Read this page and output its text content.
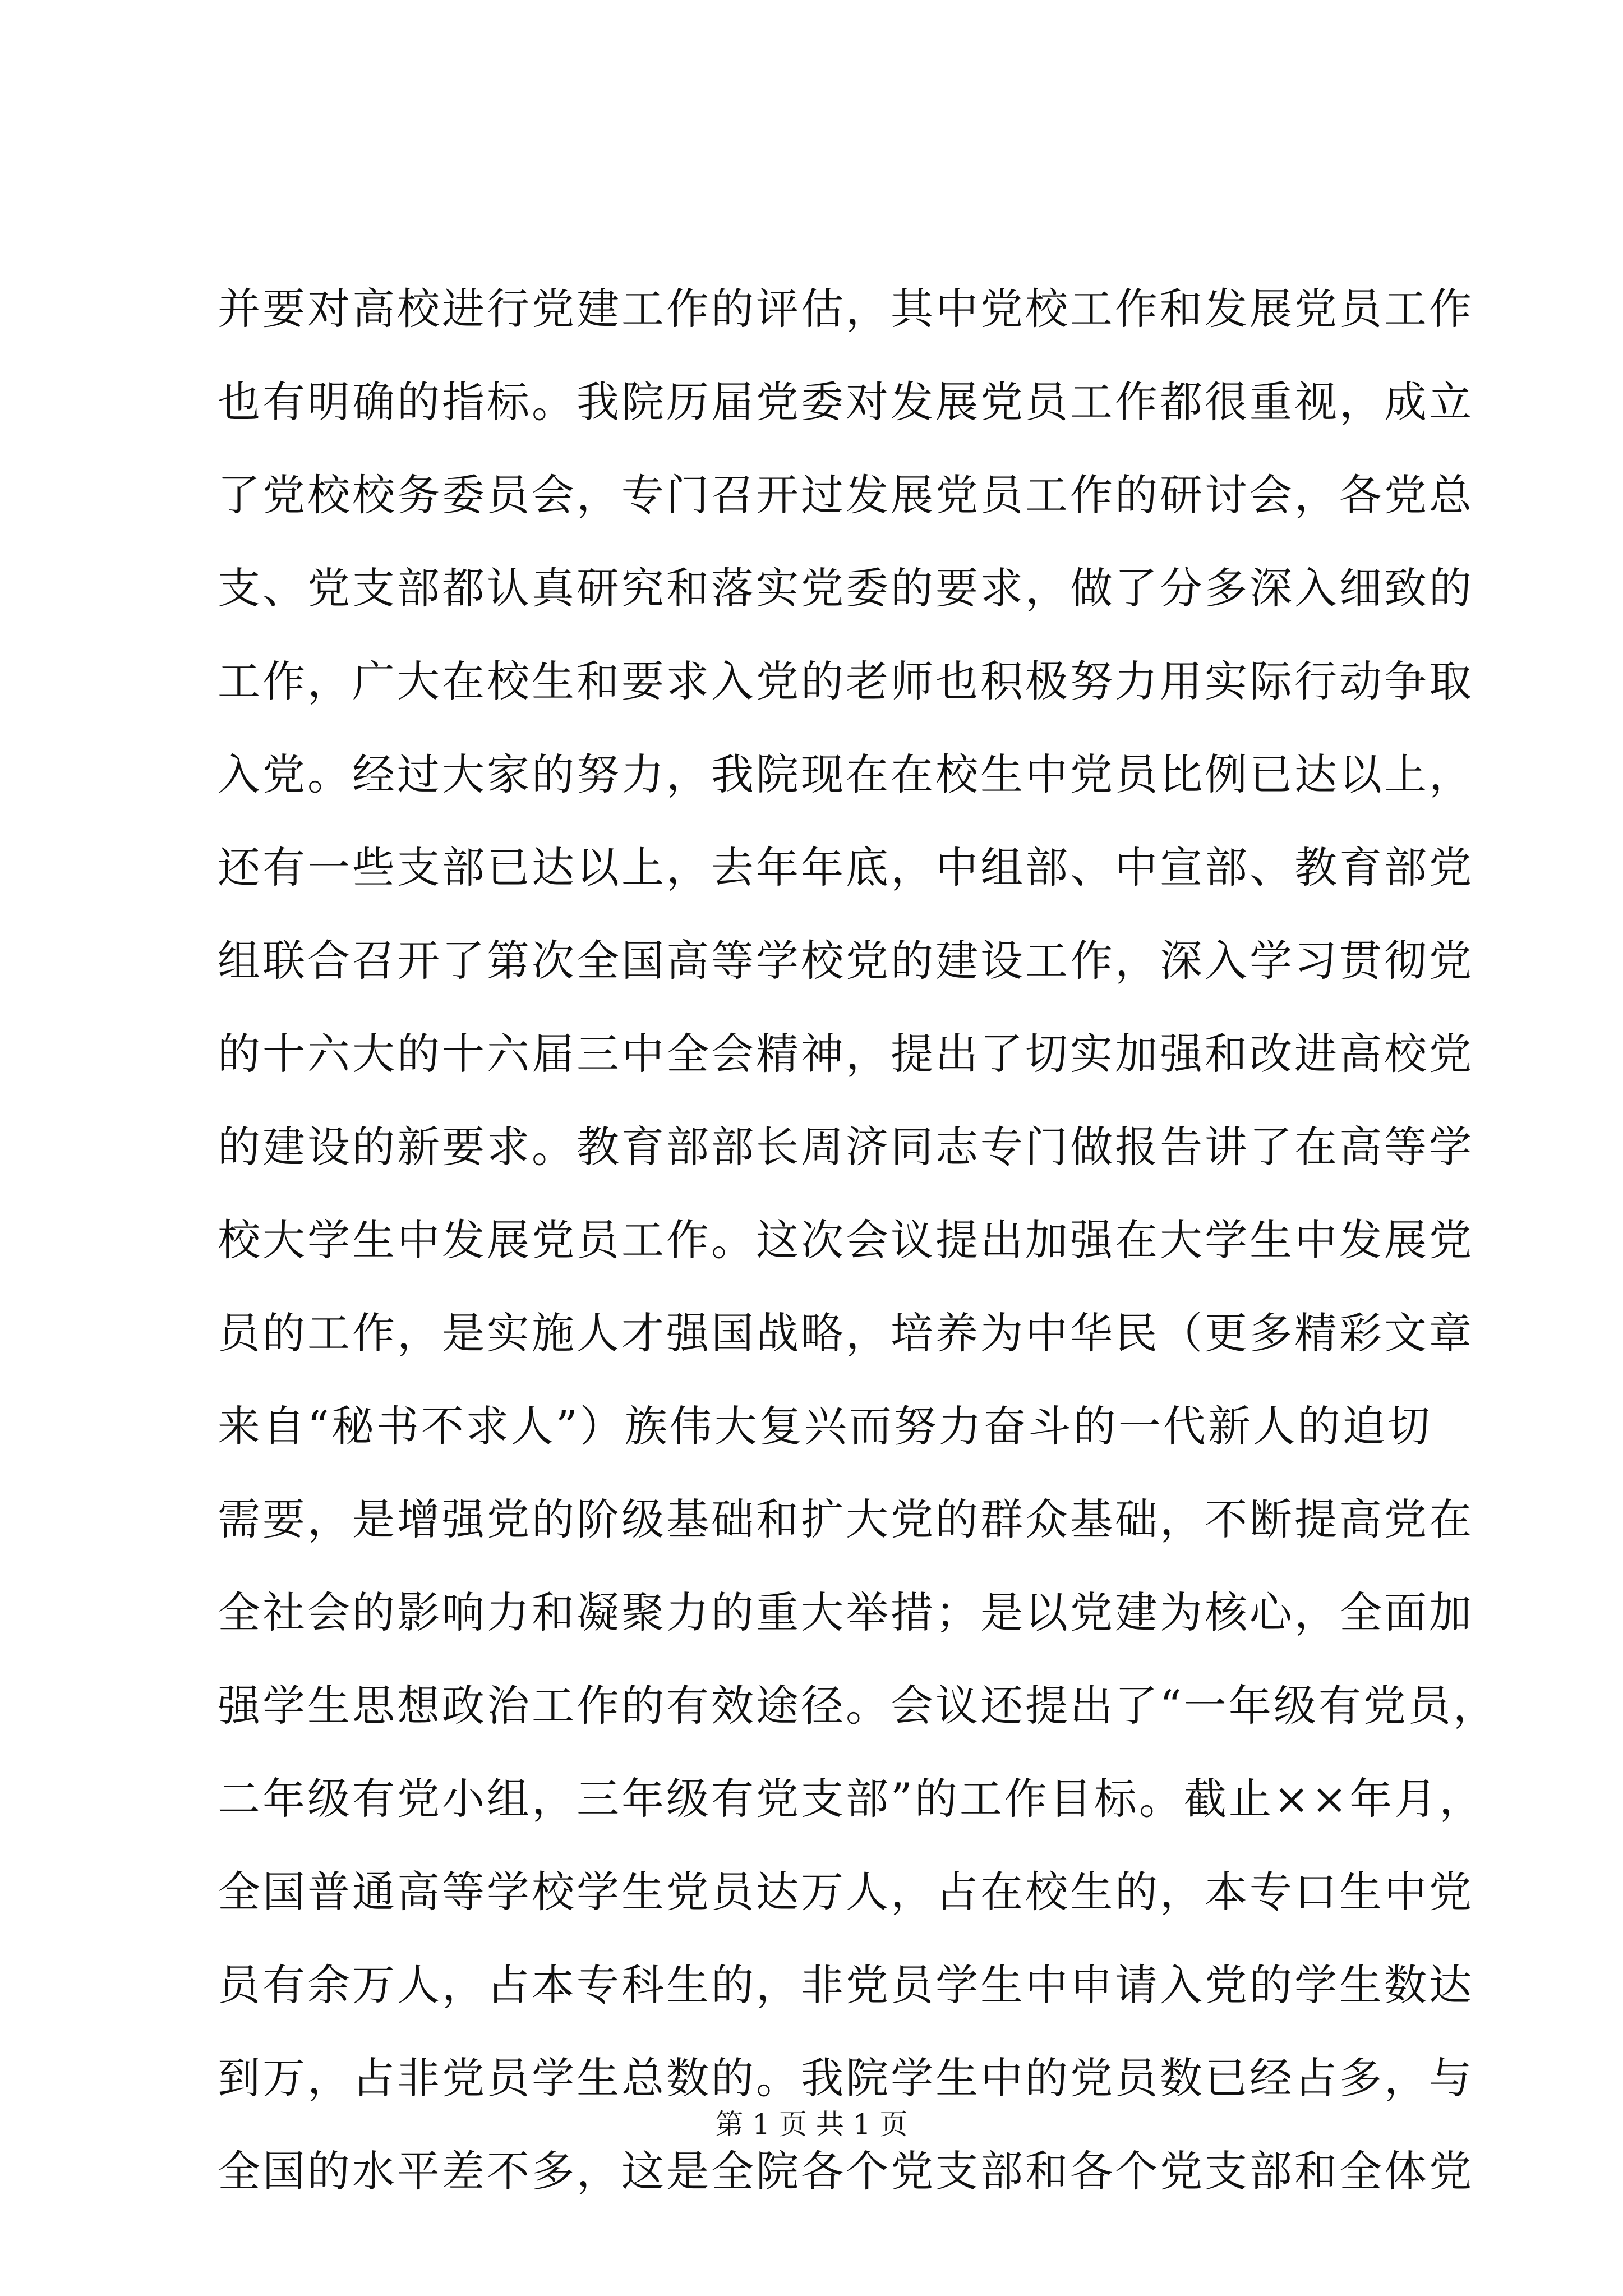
并要对高校进行党建工作的评估，其中党校工作和发展党员工作
也有明确的指标。我院历届党委对发展党员工作都很重视，成立
了党校校务委员会，专门召开过发展党员工作的研讨会，各党总
支、党支部都认真研究和落实党委的要求，做了分多深入细致的
工作，广大在校生和要求入党的老师也积极努力用实际行动争取
入党。经过大家的努力，我院现在在校生中党员比例已达以上，
还有一些支部已达以上，去年年底，中组部、中宣部、教育部党
组联合召开了第次全国高等学校党的建设工作，深入学习贯彻党
的十六大的十六届三中全会精神，提出了切实加强和改进高校党
的建设的新要求。教育部部长周济同志专门做报告讲了在高等学
校大学生中发展党员工作。这次会议提出加强在大学生中发展党
员的工作，是实施人才强国战略，培养为中华民（更多精彩文章
来自“秘书不求人”）族伟大复兴而努力奋斗的一代新人的迫切
需要，是增强党的阶级基础和扩大党的群众基础，不断提高党在
全社会的影响力和凝聚力的重大举措；是以党建为核心，全面加
强学生思想政治工作的有效途径。会议还提出了“一年级有党员，
二年级有党小组，三年级有党支部”的工作目标。截止××年月，
全国普通高等学校学生党员达万人，占在校生的，本专口生中党
员有余万人，占本专科生的，非党员学生中申请入党的学生数达
到万，占非党员学生总数的。我院学生中的党员数已经占多，与
全国的水平差不多，这是全院各个党支部和各个党支部和全体党
第 1 页 共 1 页
